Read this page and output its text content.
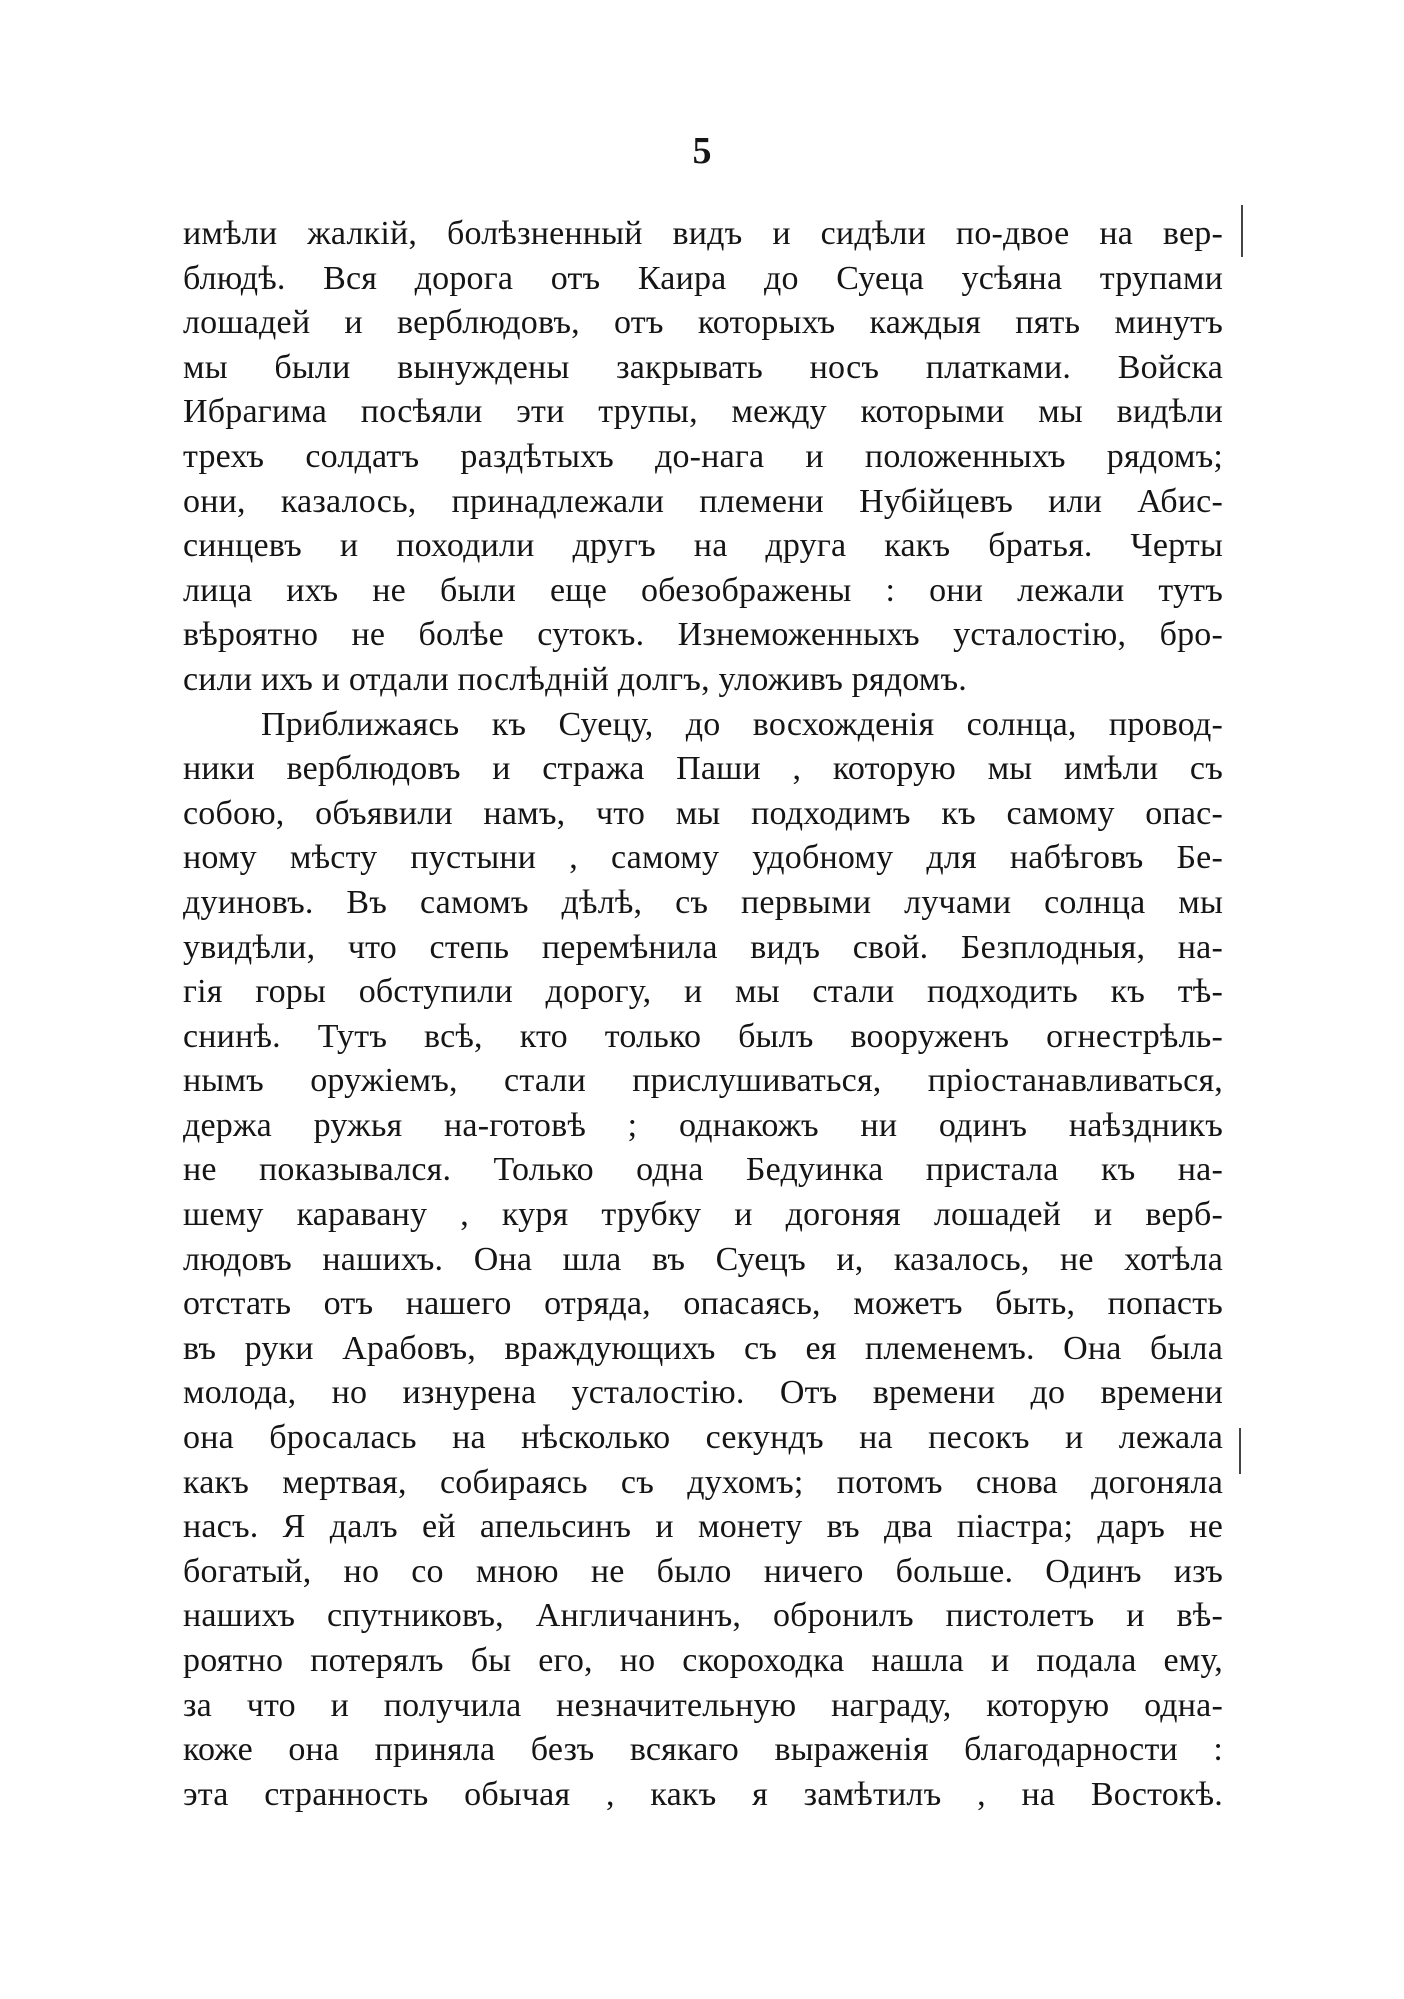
5
имѣли жалкій, болѣзненный видъ и сидѣли по-двое на вер-
блюдѣ. Вся дорога отъ Каира до Суеца усѣяна трупами
лошадей и верблюдовъ, отъ которыхъ каждыя пять минутъ
мы были вынуждены закрывать носъ платками. Войска
Ибрагима посѣяли эти трупы, между которыми мы видѣли
трехъ солдатъ раздѣтыхъ до-нага и положенныхъ рядомъ;
они, казалось, принадлежали племени Нубійцевъ или Абис-
синцевъ и походили другъ на друга какъ братья. Черты
лица ихъ не были еще обезображены : они лежали тутъ
вѣроятно не болѣе сутокъ. Изнеможенныхъ усталостію, бро-
сили ихъ и отдали послѣдній долгъ, уложивъ рядомъ.
Приближаясь къ Суецу, до восхожденія солнца, провод-
ники верблюдовъ и стража Паши , которую мы имѣли съ
собою, объявили намъ, что мы подходимъ къ самому опас-
ному мѣсту пустыни , самому удобному для набѣговъ Бе-
дуиновъ. Въ самомъ дѣлѣ, съ первыми лучами солнца мы
увидѣли, что степь перемѣнила видъ свой. Безплодныя, на-
гія горы обступили дорогу, и мы стали подходить къ тѣ-
снинѣ. Тутъ всѣ, кто только былъ вооруженъ огнестрѣль-
нымъ оружіемъ, стали прислушиваться, пріостанавливаться,
держа ружья на-готовѣ ; однакожъ ни одинъ наѣздникъ
не показывался. Только одна Бедуинка пристала къ на-
шему каравану , куря трубку и догоняя лошадей и верб-
людовъ нашихъ. Она шла въ Суецъ и, казалось, не хотѣла
отстать отъ нашего отряда, опасаясь, можетъ быть, попасть
въ руки Арабовъ, враждующихъ съ ея племенемъ. Она была
молода, но изнурена усталостію. Отъ времени до времени
она бросалась на нѣсколько секундъ на песокъ и лежала
какъ мертвая, собираясь съ духомъ; потомъ снова догоняла
насъ. Я далъ ей апельсинъ и монету въ два піастра; даръ не
богатый, но со мною не было ничего больше. Одинъ изъ
нашихъ спутниковъ, Англичанинъ, обронилъ пистолетъ и вѣ-
роятно потерялъ бы его, но скороходка нашла и подала ему,
за что и получила незначительную награду, которую одна-
коже она приняла безъ всякаго выраженія благодарности :
эта странность обычая , какъ я замѣтилъ , на Востокѣ.
